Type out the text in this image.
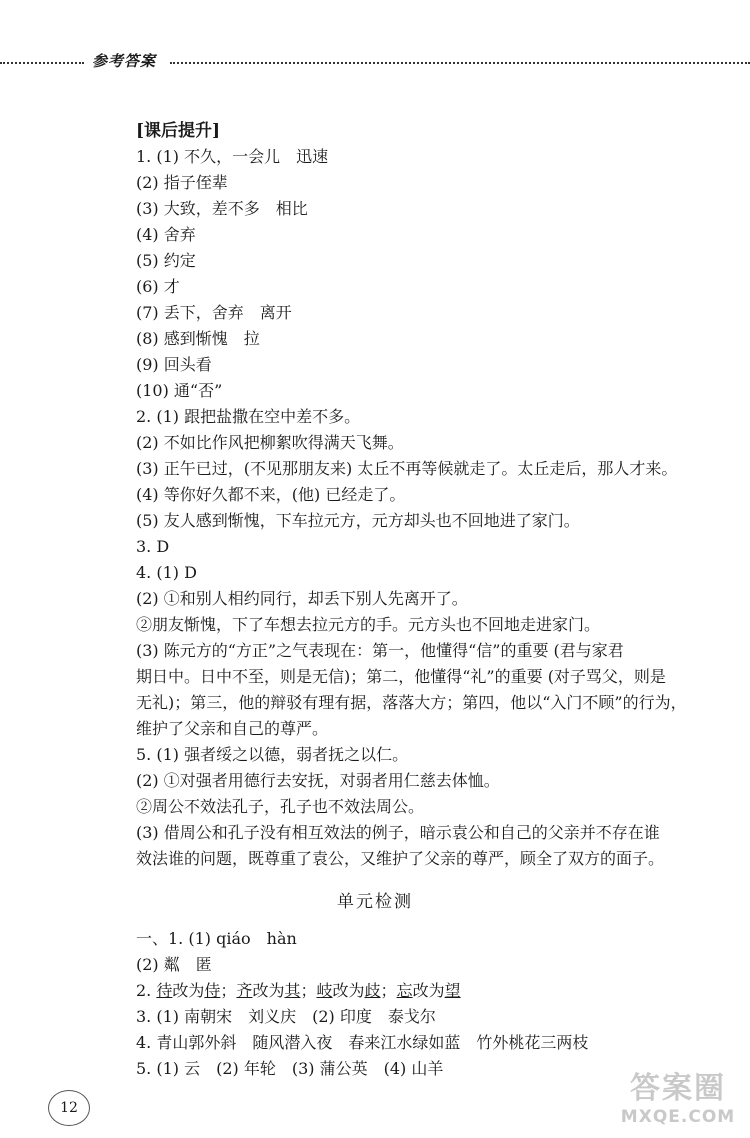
参考答案
[课后提升]
1. (1) 不久，一会儿　迅速
(2) 指子侄辈
(3) 大致，差不多　相比
(4) 舍弃
(5) 约定
(6) 才
(7) 丢下，舍弃　离开
(8) 感到惭愧　拉
(9) 回头看
(10) 通“否”
2. (1) 跟把盐撒在空中差不多。
(2) 不如比作风把柳絮吹得满天飞舞。
(3) 正午已过，(不见那朋友来) 太丘不再等候就走了。太丘走后，那人才来。
(4) 等你好久都不来，(他) 已经走了。
(5) 友人感到惭愧，下车拉元方，元方却头也不回地进了家门。
3. D
4. (1) D
(2) ①和别人相约同行，却丢下别人先离开了。
②朋友惭愧，下了车想去拉元方的手。元方头也不回地走进家门。
(3) 陈元方的“方正”之气表现在：第一，他懂得“信”的重要 (君与家君
期日中。日中不至，则是无信)；第二，他懂得“礼”的重要 (对子骂父，则是
无礼)；第三，他的辩驳有理有据，落落大方；第四，他以“入门不顾”的行为，
维护了父亲和自己的尊严。
5. (1) 强者绥之以德，弱者抚之以仁。
(2) ①对强者用德行去安抚，对弱者用仁慈去体恤。
②周公不效法孔子，孔子也不效法周公。
(3) 借周公和孔子没有相互效法的例子，暗示袁公和自己的父亲并不存在谁
效法谁的问题，既尊重了袁公，又维护了父亲的尊严，顾全了双方的面子。
单元检测
一、1. (1) qiáo　hàn
(2) 粼　匿
2. 待改为侍；齐改为其；岐改为歧；忘改为望
3. (1) 南朝宋　刘义庆　(2) 印度　泰戈尔
4. 青山郭外斜　随风潜入夜　春来江水绿如蓝　竹外桃花三两枝
5. (1) 云　(2) 年轮　(3) 蒲公英　(4) 山羊
12
答案圈
MXQE.COM
